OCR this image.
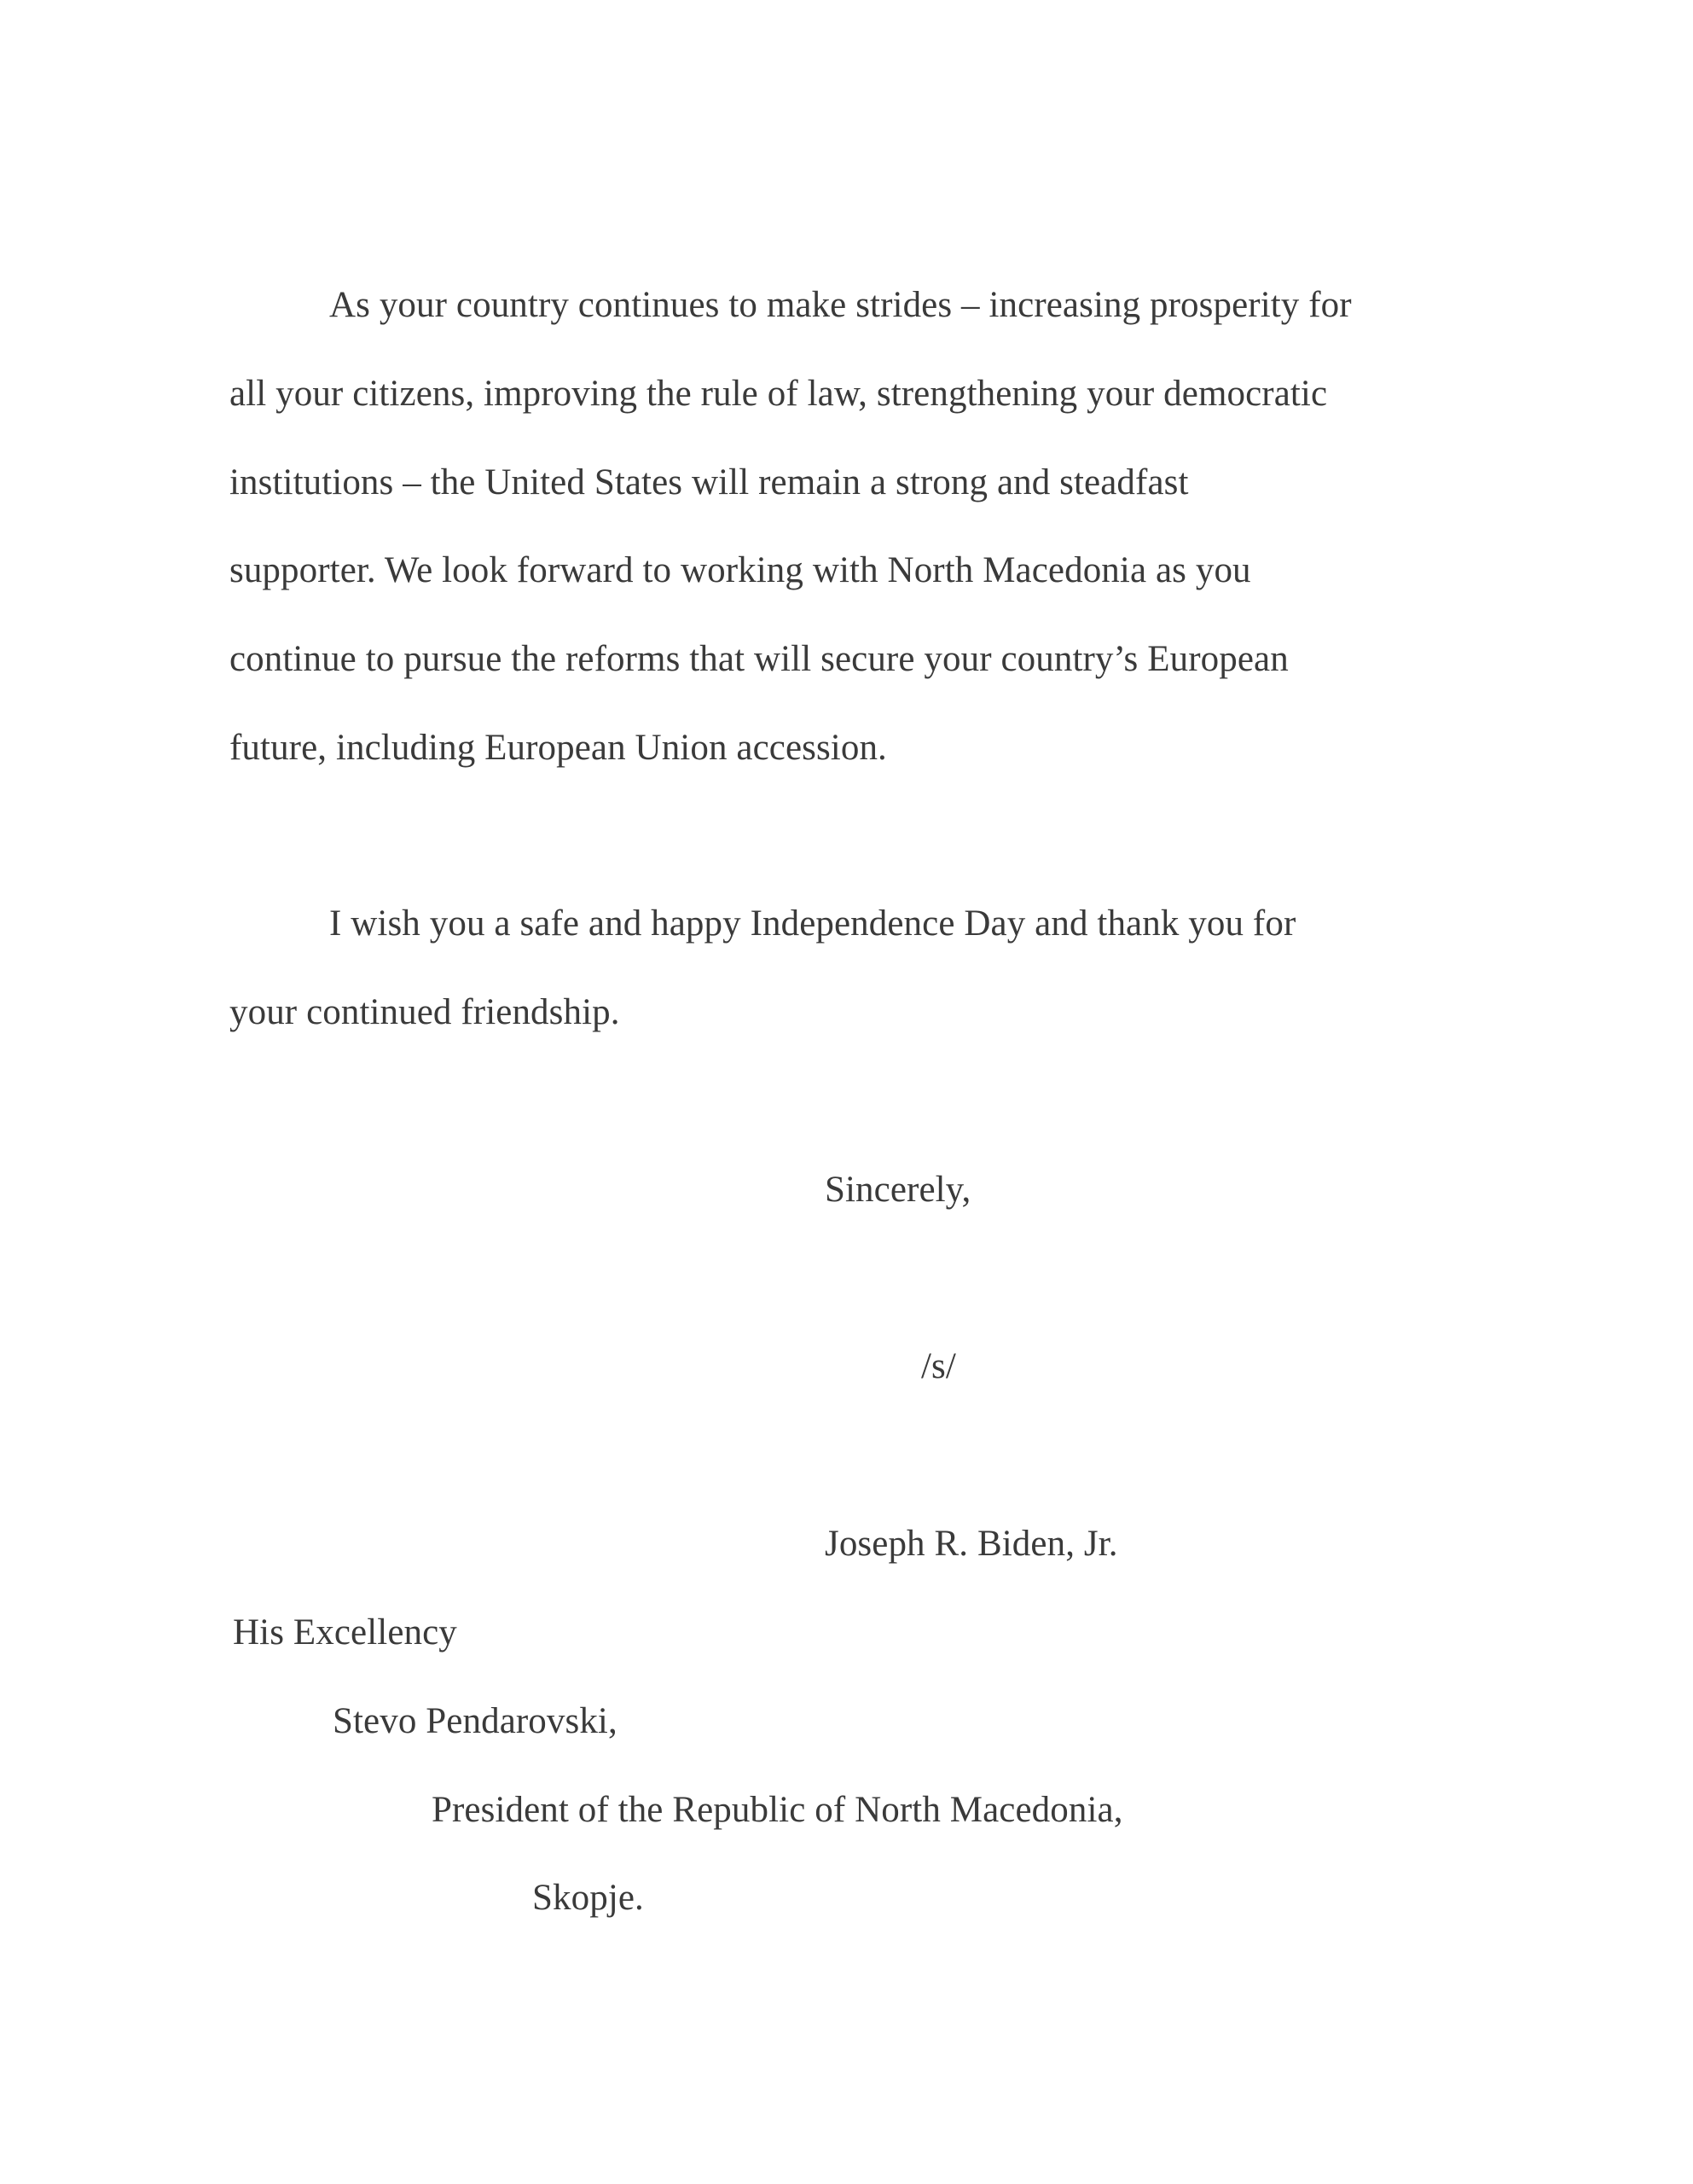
As your country continues to make strides – increasing prosperity for
all your citizens, improving the rule of law, strengthening your democratic
institutions – the United States will remain a strong and steadfast
supporter. We look forward to working with North Macedonia as you
continue to pursue the reforms that will secure your country’s European
future, including European Union accession.
I wish you a safe and happy Independence Day and thank you for
your continued friendship.
Sincerely,
/s/
Joseph R. Biden, Jr.
His Excellency
Stevo Pendarovski,
President of the Republic of North Macedonia,
Skopje.
